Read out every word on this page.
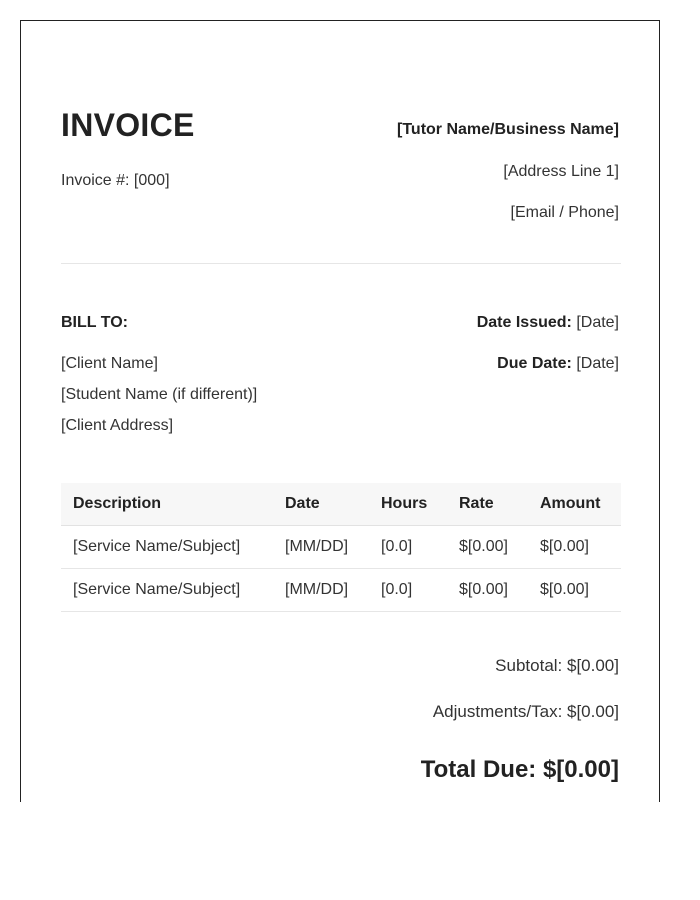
INVOICE
Invoice #: [000]
[Tutor Name/Business Name]
[Address Line 1]
[Email / Phone]
BILL TO:
[Client Name]
[Student Name (if different)]
[Client Address]
Date Issued: [Date]
Due Date: [Date]
Description	Date	Hours	Rate	Amount
[Service Name/Subject]	[MM/DD]	[0.0]	$[0.00]	$[0.00]
[Service Name/Subject]	[MM/DD]	[0.0]	$[0.00]	$[0.00]
Subtotal: $[0.00]
Adjustments/Tax: $[0.00]
Total Due: $[0.00]
